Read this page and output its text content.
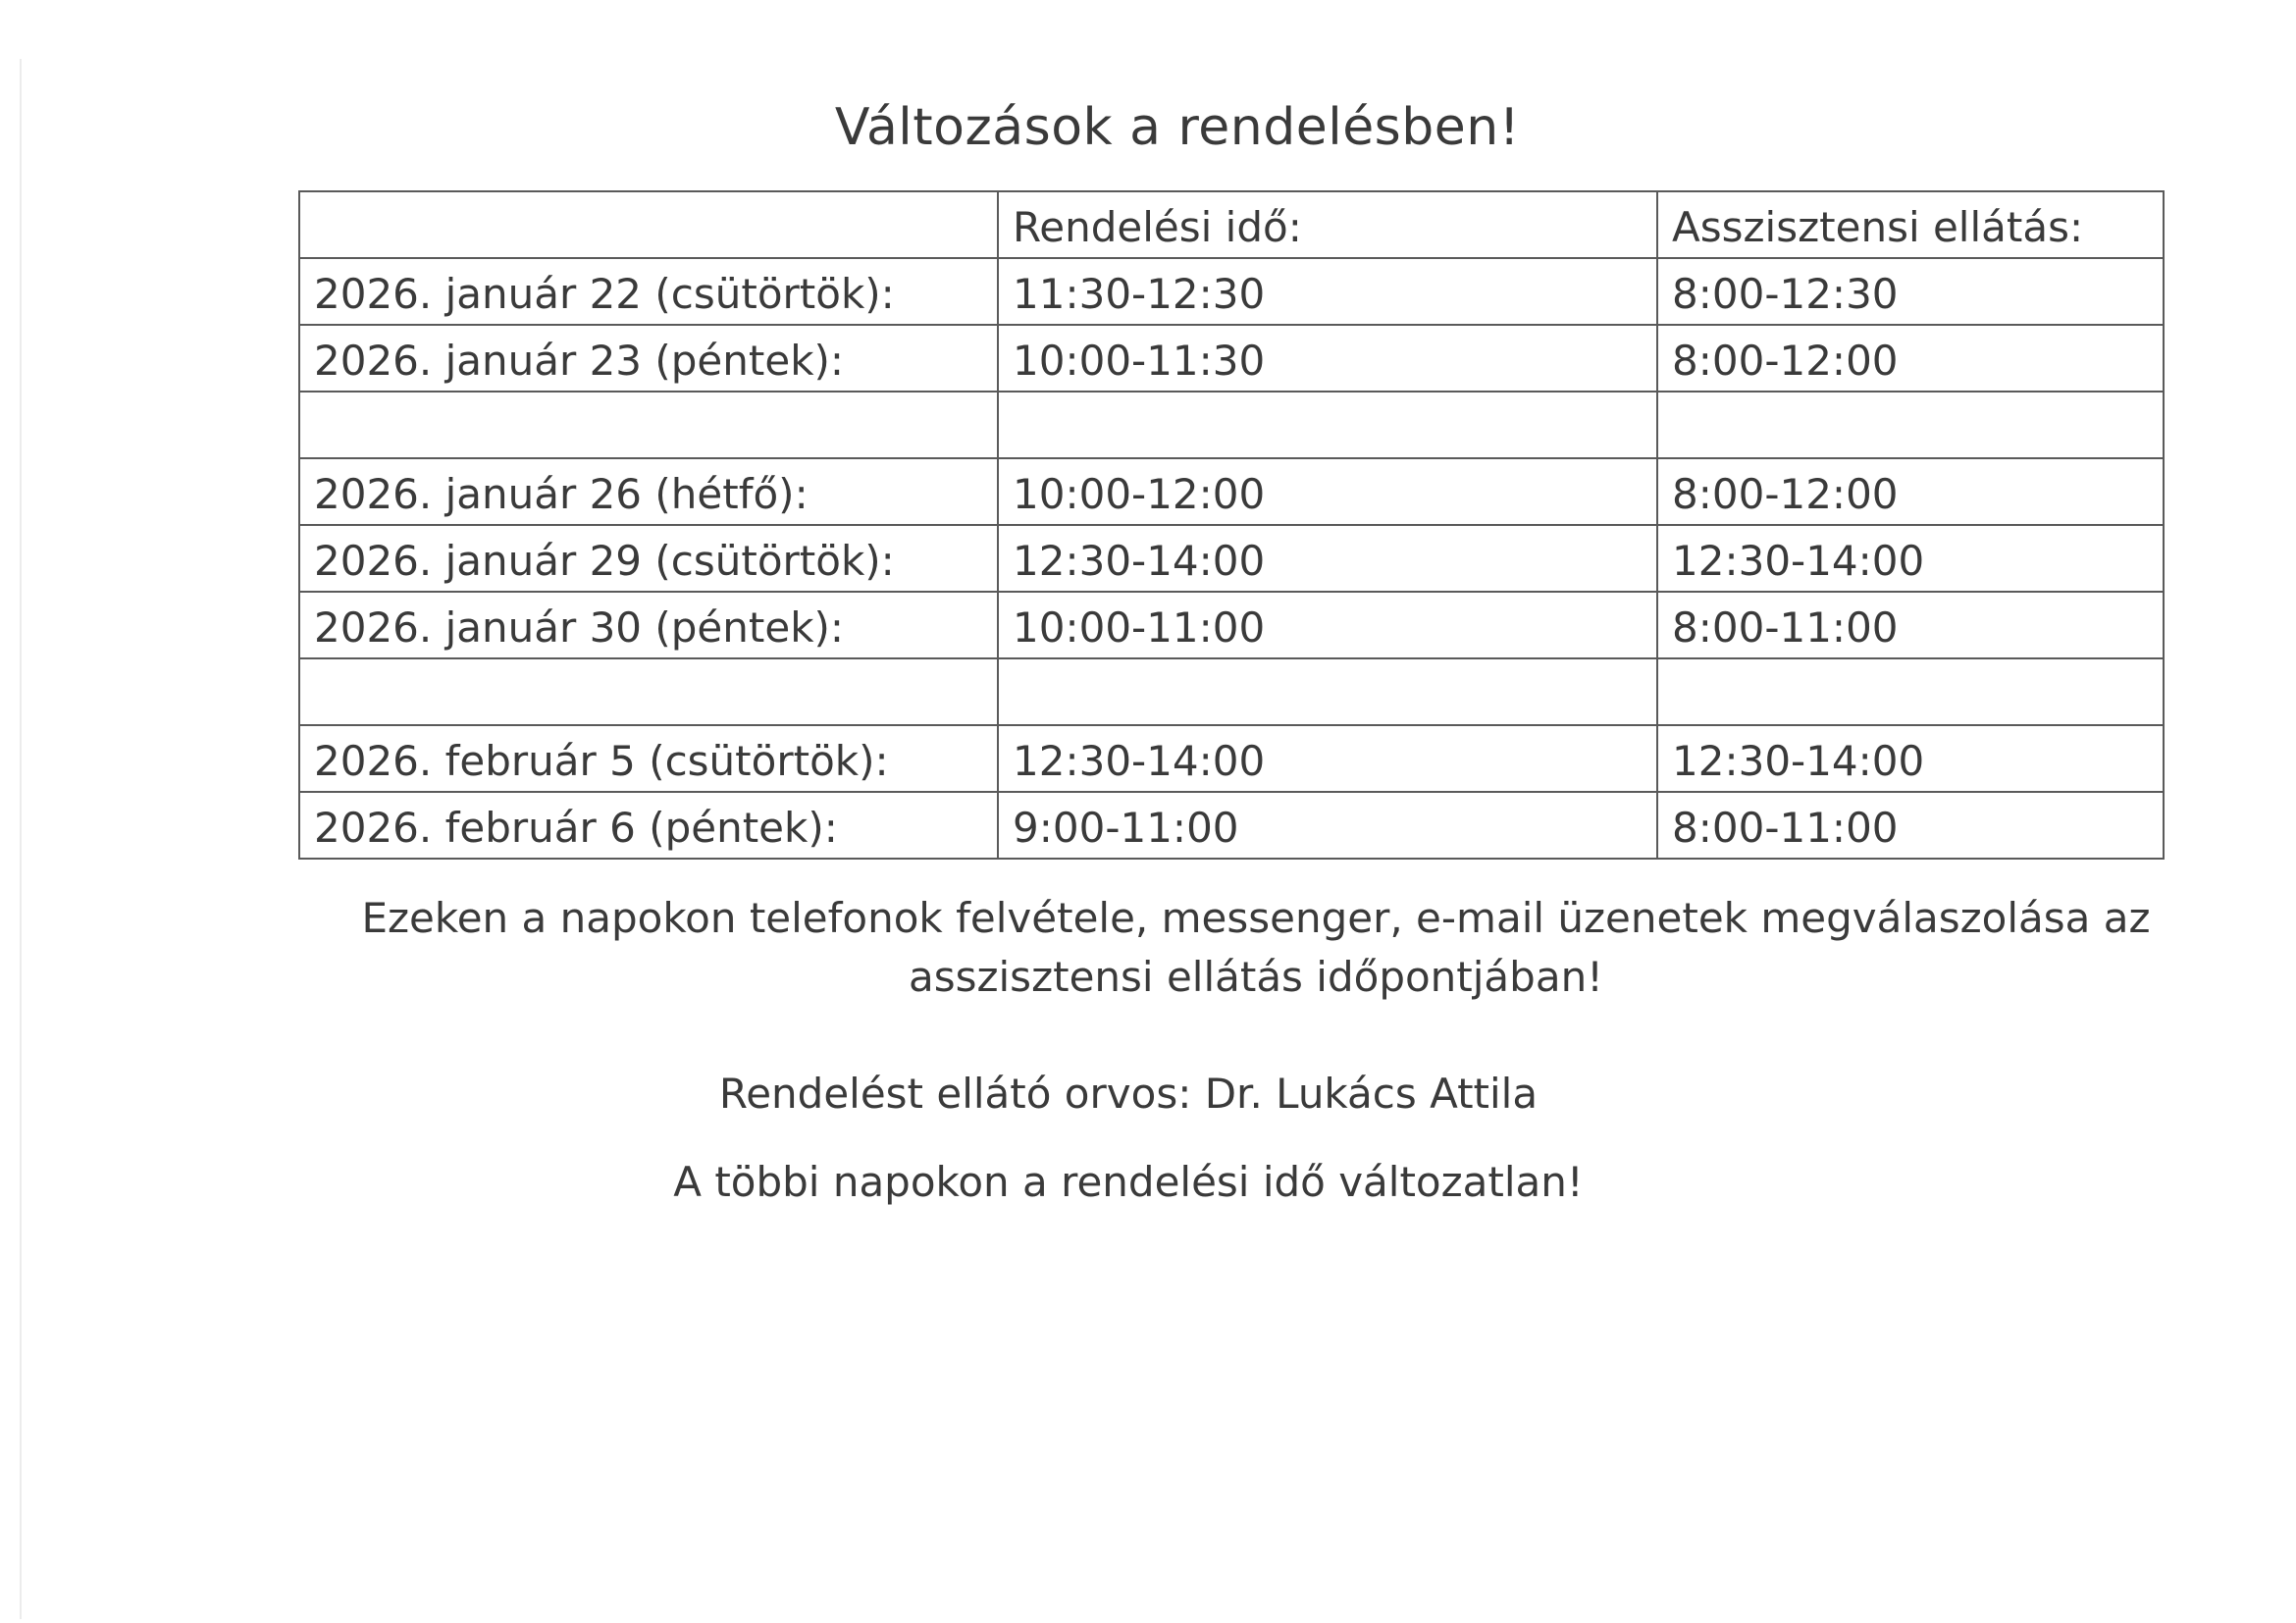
Változások a rendelésben!
	Rendelési idő:	Asszisztensi ellátás:
2026. január 22 (csütörtök):	11:30-12:30	8:00-12:30
2026. január 23 (péntek):	10:00-11:30	8:00-12:00

2026. január 26 (hétfő):	10:00-12:00	8:00-12:00
2026. január 29 (csütörtök):	12:30-14:00	12:30-14:00
2026. január 30 (péntek):	10:00-11:00	8:00-11:00

2026. február 5 (csütörtök):	12:30-14:00	12:30-14:00
2026. február 6 (péntek):	9:00-11:00	8:00-11:00
Ezeken a napokon telefonok felvétele, messenger, e-mail üzenetek megválaszolása az
asszisztensi ellátás időpontjában!
Rendelést ellátó orvos: Dr. Lukács Attila
A többi napokon a rendelési idő változatlan!
